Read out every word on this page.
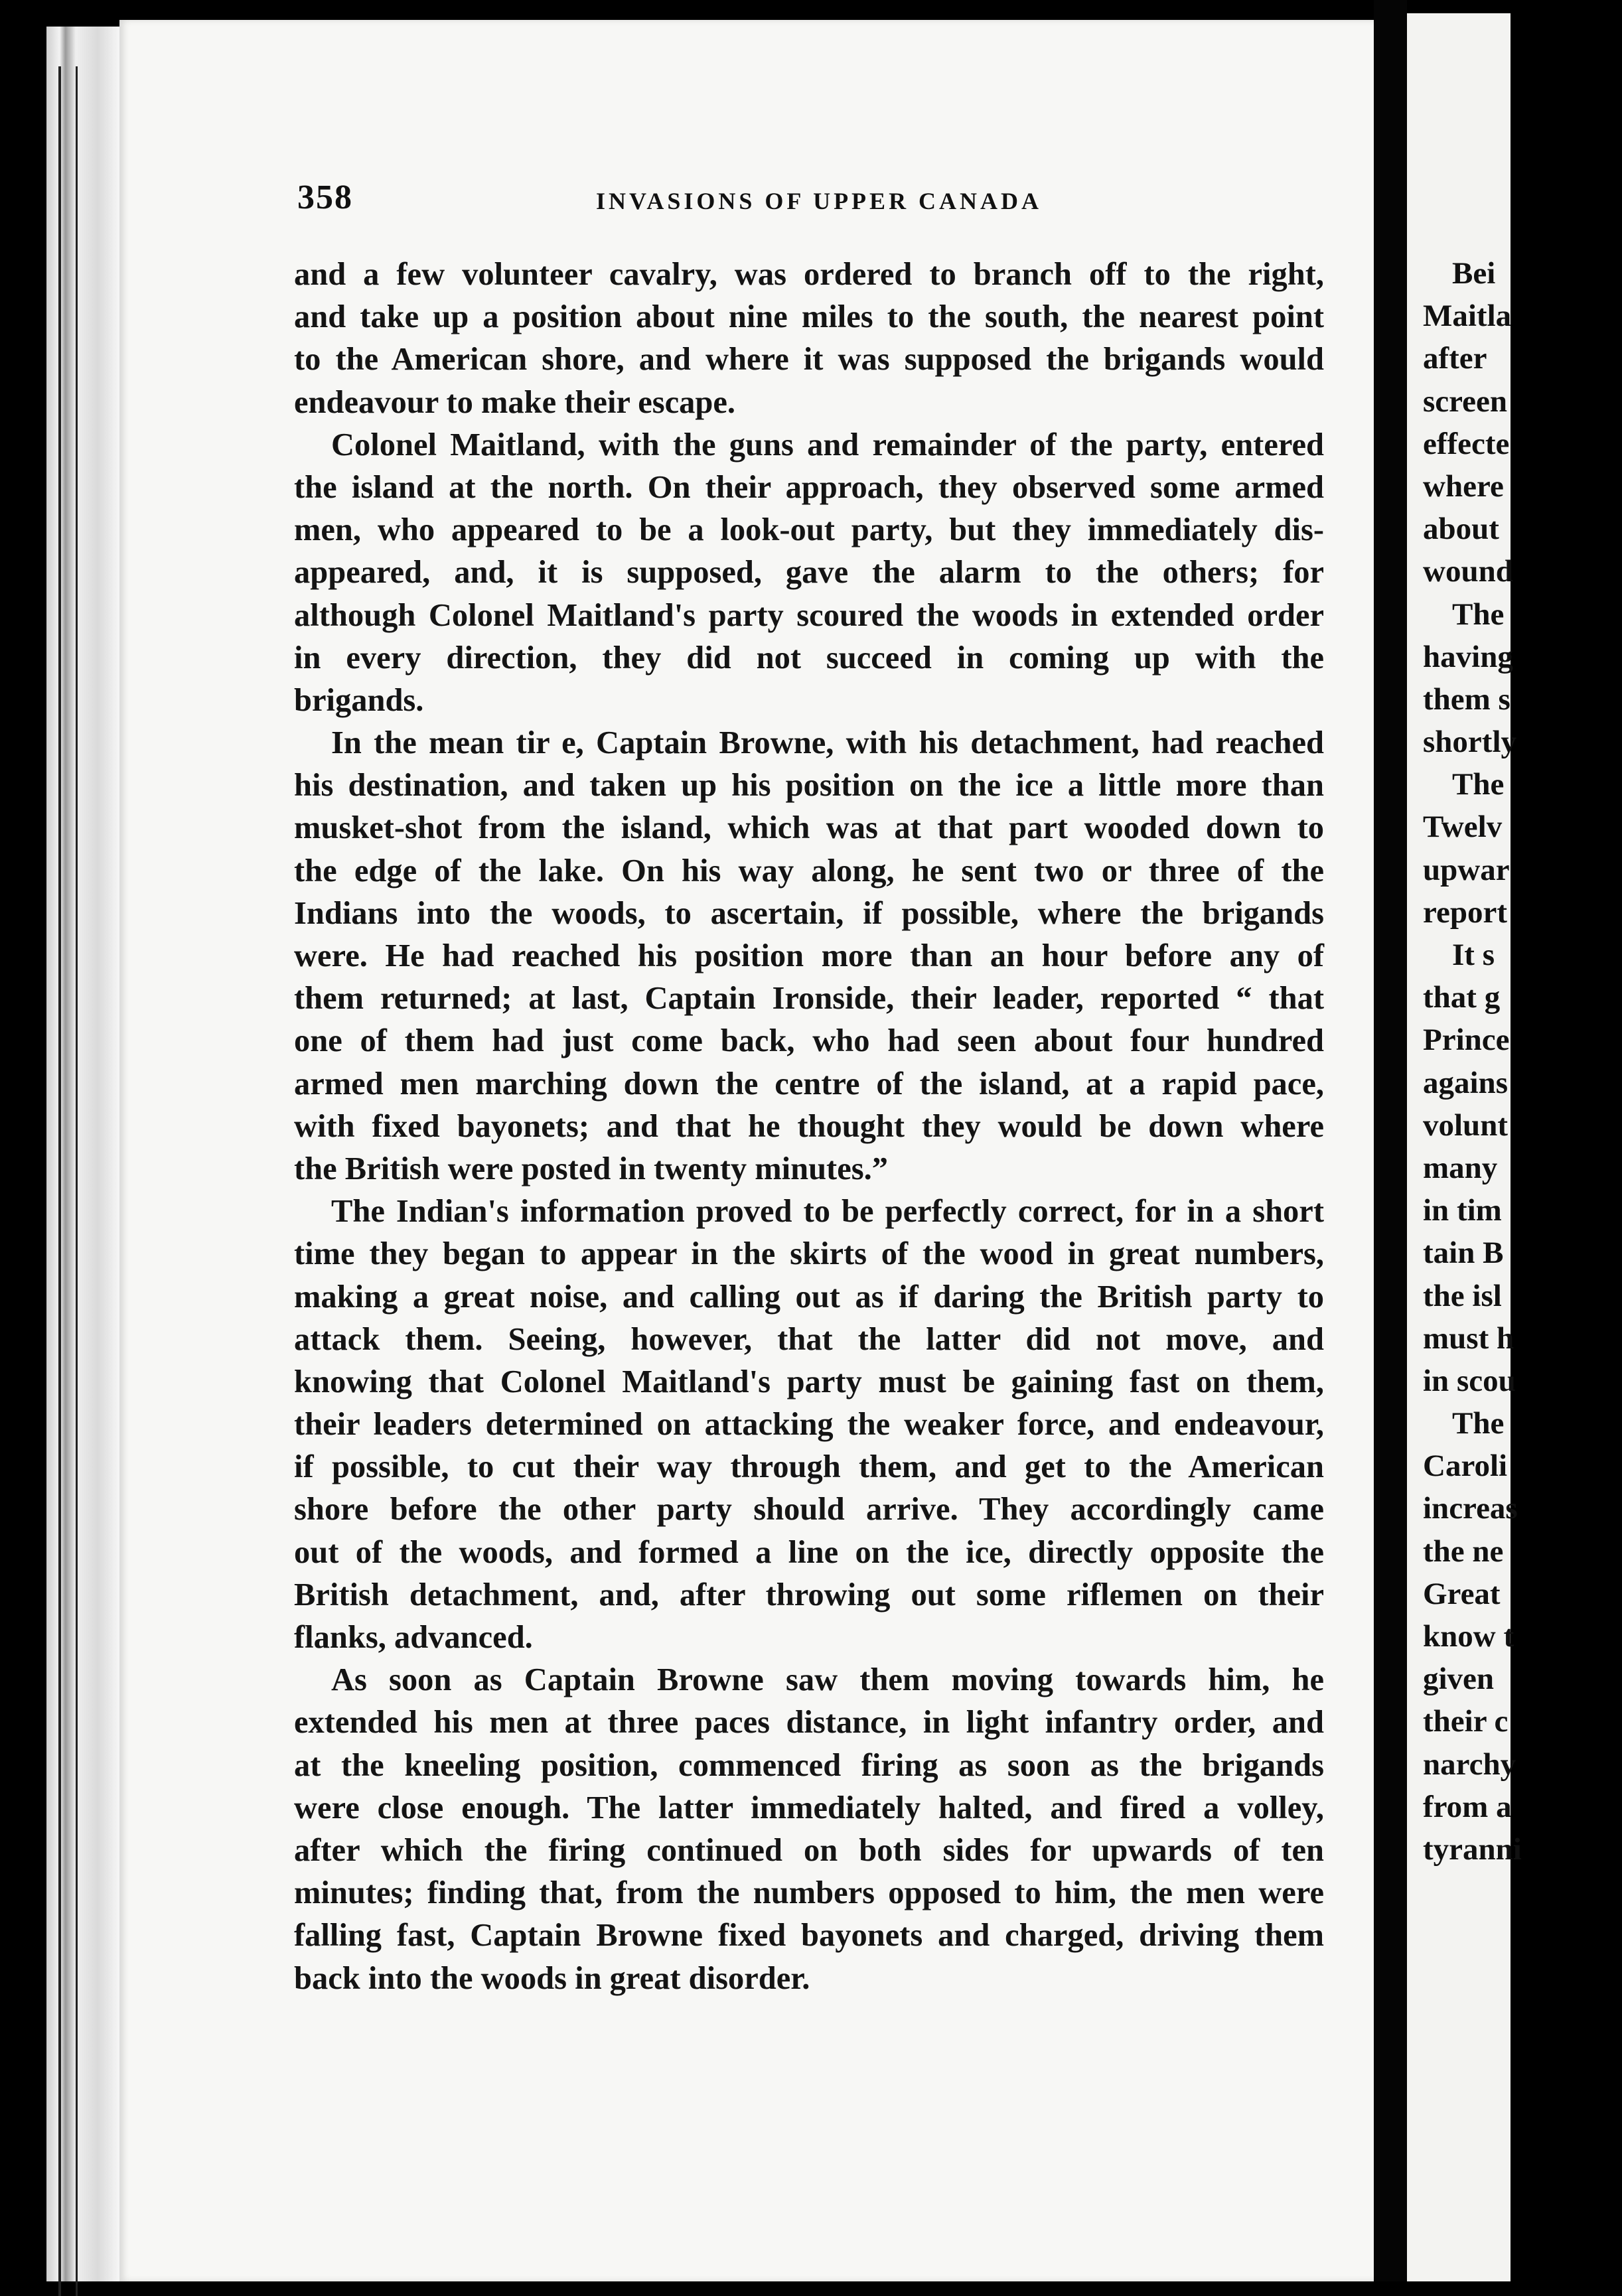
358	INVASIONS OF UPPER CANADA
and a few volunteer cavalry, was ordered to branch off to the right,
and take up a position about nine miles to the south, the nearest point
to the American shore, and where it was supposed the brigands would
endeavour to make their escape.
Colonel Maitland, with the guns and remainder of the party, entered
the island at the north. On their approach, they observed some armed
men, who appeared to be a look-out party, but they immediately dis-
appeared, and, it is supposed, gave the alarm to the others; for
although Colonel Maitland's party scoured the woods in extended order
in every direction, they did not succeed in coming up with the
brigands.
In the mean tir e, Captain Browne, with his detachment, had reached
his destination, and taken up his position on the ice a little more than
musket-shot from the island, which was at that part wooded down to
the edge of the lake. On his way along, he sent two or three of the
Indians into the woods, to ascertain, if possible, where the brigands
were. He had reached his position more than an hour before any of
them returned; at last, Captain Ironside, their leader, reported “ that
one of them had just come back, who had seen about four hundred
armed men marching down the centre of the island, at a rapid pace,
with fixed bayonets; and that he thought they would be down where
the British were posted in twenty minutes.”
The Indian's information proved to be perfectly correct, for in a short
time they began to appear in the skirts of the wood in great numbers,
making a great noise, and calling out as if daring the British party to
attack them. Seeing, however, that the latter did not move, and
knowing that Colonel Maitland's party must be gaining fast on them,
their leaders determined on attacking the weaker force, and endeavour,
if possible, to cut their way through them, and get to the American
shore before the other party should arrive. They accordingly came
out of the woods, and formed a line on the ice, directly opposite the
British detachment, and, after throwing out some riflemen on their
flanks, advanced.
As soon as Captain Browne saw them moving towards him, he
extended his men at three paces distance, in light infantry order, and
at the kneeling position, commenced firing as soon as the brigands
were close enough. The latter immediately halted, and fired a volley,
after which the firing continued on both sides for upwards of ten
minutes; finding that, from the numbers opposed to him, the men were
falling fast, Captain Browne fixed bayonets and charged, driving them
back into the woods in great disorder.
Bei
Maitla
after
screen
effecte
where
about
wound
The
having
them s
shortly
The
Twelv
upwar
report
It s
that g
Prince
agains
volunt
many
in tim
tain B
the isl
must h
in scou
The
Caroli
increas
the ne
Great
know t
given
their c
narchy
from a
tyranni
